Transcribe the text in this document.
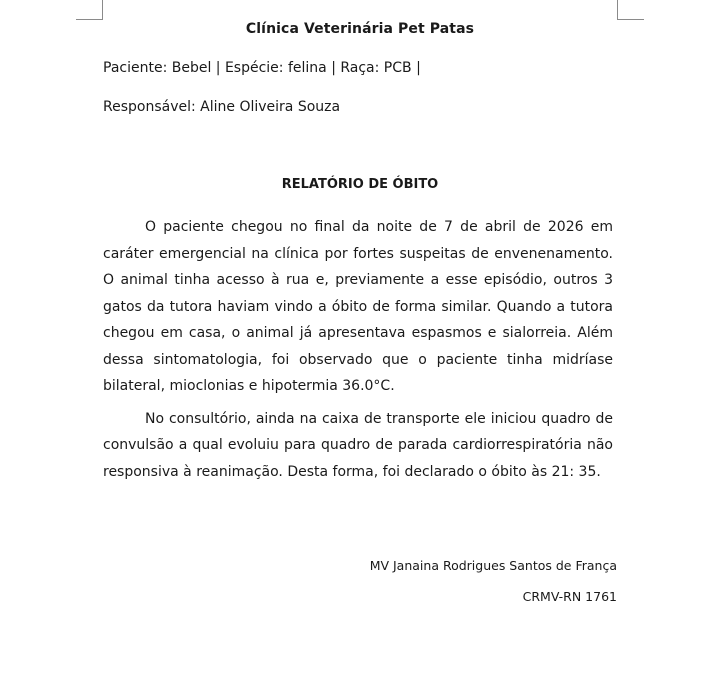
Clínica Veterinária Pet Patas
Paciente: Bebel | Espécie: felina | Raça: PCB |
Responsável: Aline Oliveira Souza
RELATÓRIO DE ÓBITO

O paciente chegou no final da noite de 7 de abril de 2026 em caráter emergencial na clínica por fortes suspeitas de envenenamento. O animal tinha acesso à rua e, previamente a esse episódio, outros 3 gatos da tutora haviam vindo a óbito de forma similar. Quando a tutora chegou em casa, o animal já apresentava espasmos e sialorreia. Além dessa sintomatologia, foi observado que o paciente tinha midríase bilateral, mioclonias e hipotermia 36.0°C.

No consultório, ainda na caixa de transporte ele iniciou quadro de convulsão a qual evoluiu para quadro de parada cardiorrespiratória não responsiva à reanimação. Desta forma, foi declarado o óbito às 21: 35.

MV Janaina Rodrigues Santos de França
CRMV-RN 1761
